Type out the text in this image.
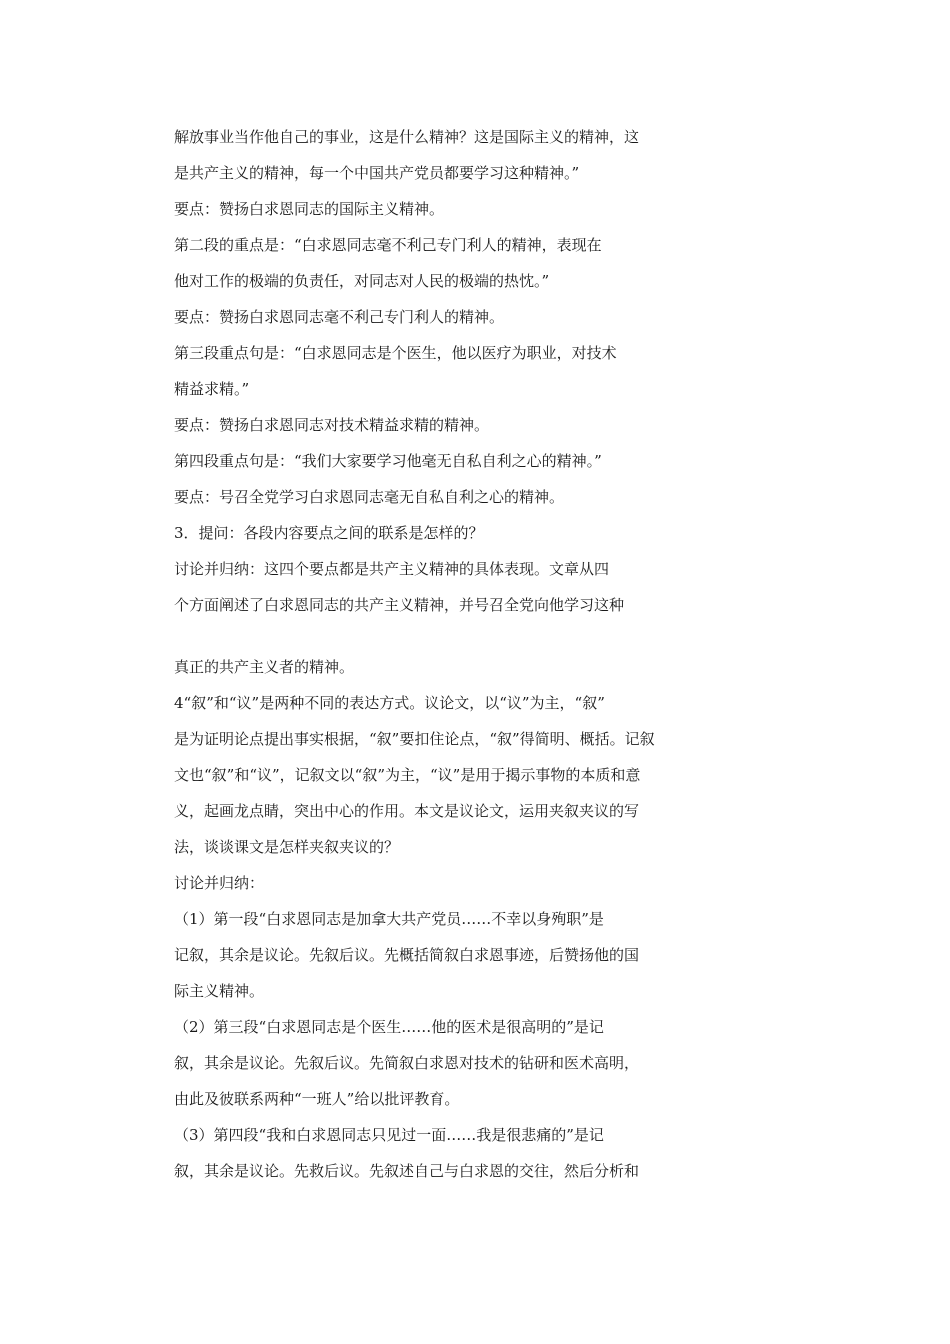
解放事业当作他自己的事业，这是什么精神？这是国际主义的精神，这
是共产主义的精神，每一个中国共产党员都要学习这种精神。”
要点：赞扬白求恩同志的国际主义精神。
第二段的重点是：“白求恩同志毫不利己专门利人的精神，表现在
他对工作的极端的负责任，对同志对人民的极端的热忱。”
要点：赞扬白求恩同志毫不利己专门利人的精神。
第三段重点句是：“白求恩同志是个医生，他以医疗为职业，对技术
精益求精。”
要点：赞扬白求恩同志对技术精益求精的精神。
第四段重点句是：“我们大家要学习他毫无自私自利之心的精神。”
要点：号召全党学习白求恩同志毫无自私自利之心的精神。
3．提问：各段内容要点之间的联系是怎样的？
讨论并归纳：这四个要点都是共产主义精神的具体表现。文章从四
个方面阐述了白求恩同志的共产主义精神，并号召全党向他学习这种
真正的共产主义者的精神。
4“叙”和“议”是两种不同的表达方式。议论文，以“议”为主，“叙”
是为证明论点提出事实根据，“叙”要扣住论点，“叙”得简明、概括。记叙
文也“叙”和“议”，记叙文以“叙”为主，“议”是用于揭示事物的本质和意
义，起画龙点睛，突出中心的作用。本文是议论文，运用夹叙夹议的写
法，谈谈课文是怎样夹叙夹议的？
讨论并归纳：
（1）第一段“白求恩同志是加拿大共产党员……不幸以身殉职”是
记叙，其余是议论。先叙后议。先概括简叙白求恩事迹，后赞扬他的国
际主义精神。
（2）第三段“白求恩同志是个医生……他的医术是很高明的”是记
叙，其余是议论。先叙后议。先简叙白求恩对技术的钻研和医术高明，
由此及彼联系两种“一班人”给以批评教育。
（3）第四段“我和白求恩同志只见过一面……我是很悲痛的”是记
叙，其余是议论。先救后议。先叙述自己与白求恩的交往，然后分析和
